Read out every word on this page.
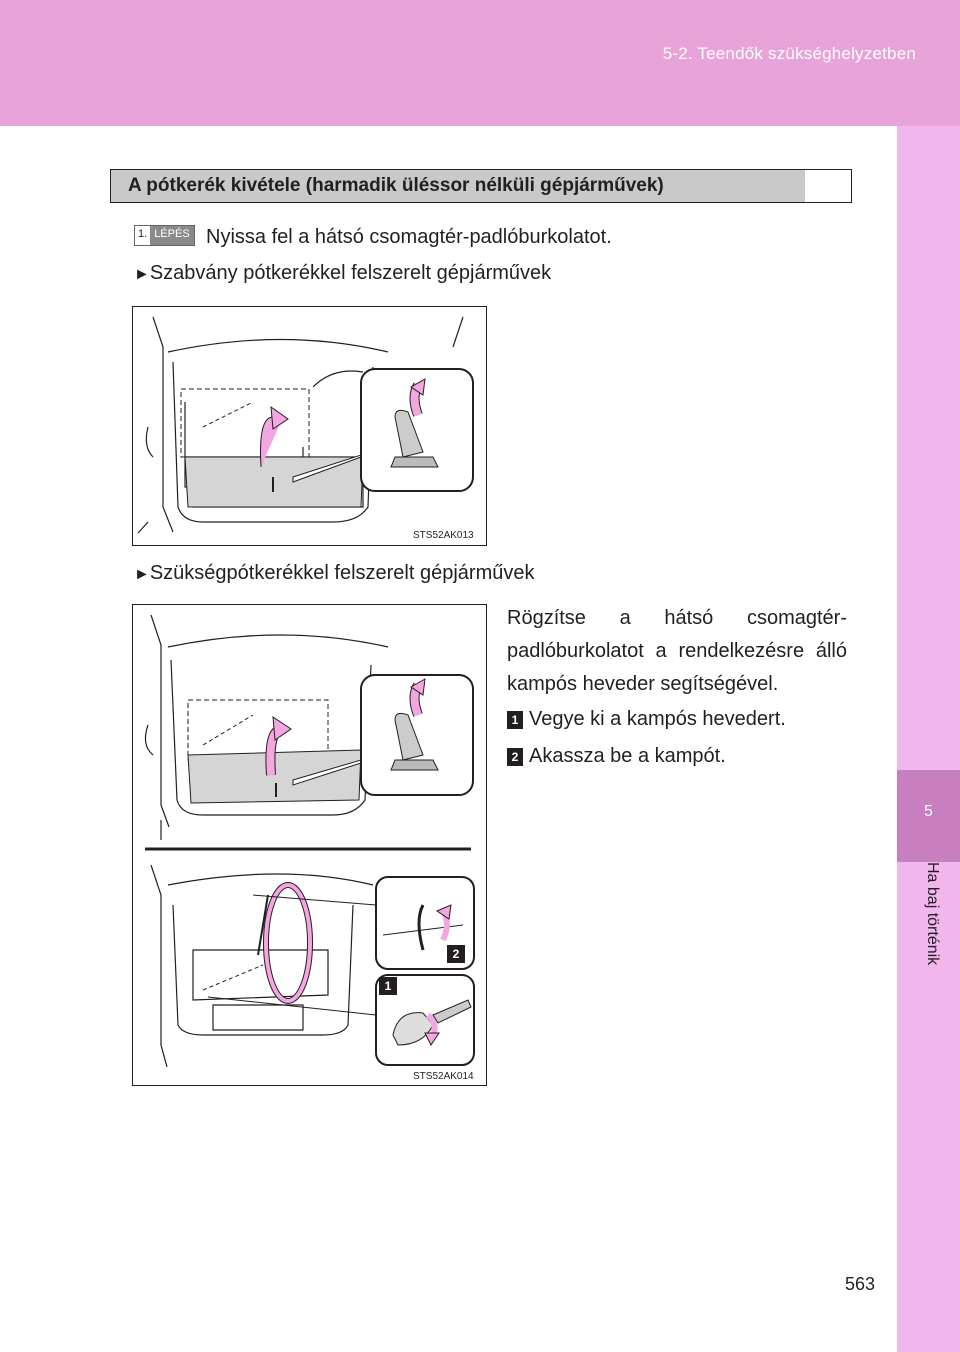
5-2. Teendők szükséghelyzetben
5
Ha baj történik
A pótkerék kivétele (harmadik üléssor nélküli gépjárművek)
1. LÉPÉS Nyissa fel a hátsó csomagtér-padlóburkolatot.
►Szabvány pótkerékkel felszerelt gépjárművek
STS52AK013
►Szükségpótkerékkel felszerelt gépjárművek
2
1
STS52AK014
Rögzítse a hátsó csomagtér-padlóburkolatot a rendelkezésre álló kampós heveder segítségével.
1 Vegye ki a kampós hevedert.
2 Akassza be a kampót.
563
